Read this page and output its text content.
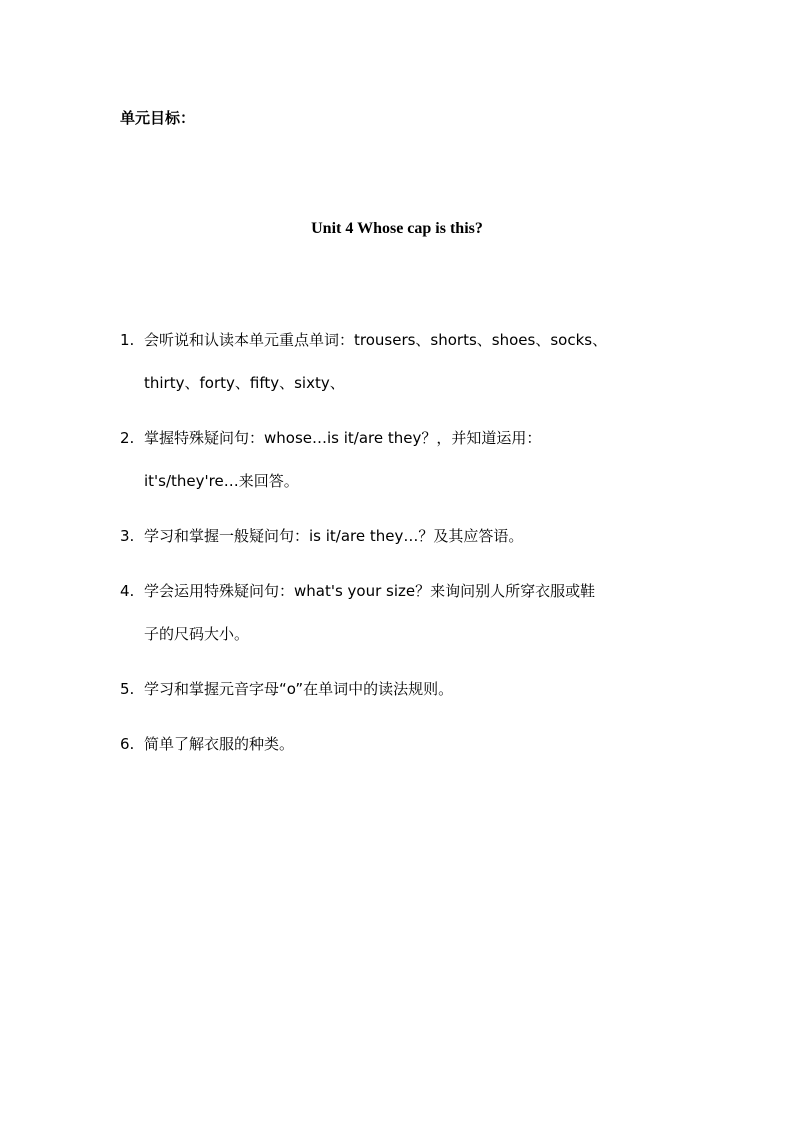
单元目标：
Unit 4 Whose cap is this?
1. 会听说和认读本单元重点单词：trousers、shorts、shoes、socks、
thirty、forty、fifty、sixty、
2. 掌握特殊疑问句：whose…is it/are they？，并知道运用：
it's/they're…来回答。
3. 学习和掌握一般疑问句：is it/are they…？及其应答语。
4. 学会运用特殊疑问句：what's your size？来询问别人所穿衣服或鞋
子的尺码大小。
5. 学习和掌握元音字母“o”在单词中的读法规则。
6. 简单了解衣服的种类。
